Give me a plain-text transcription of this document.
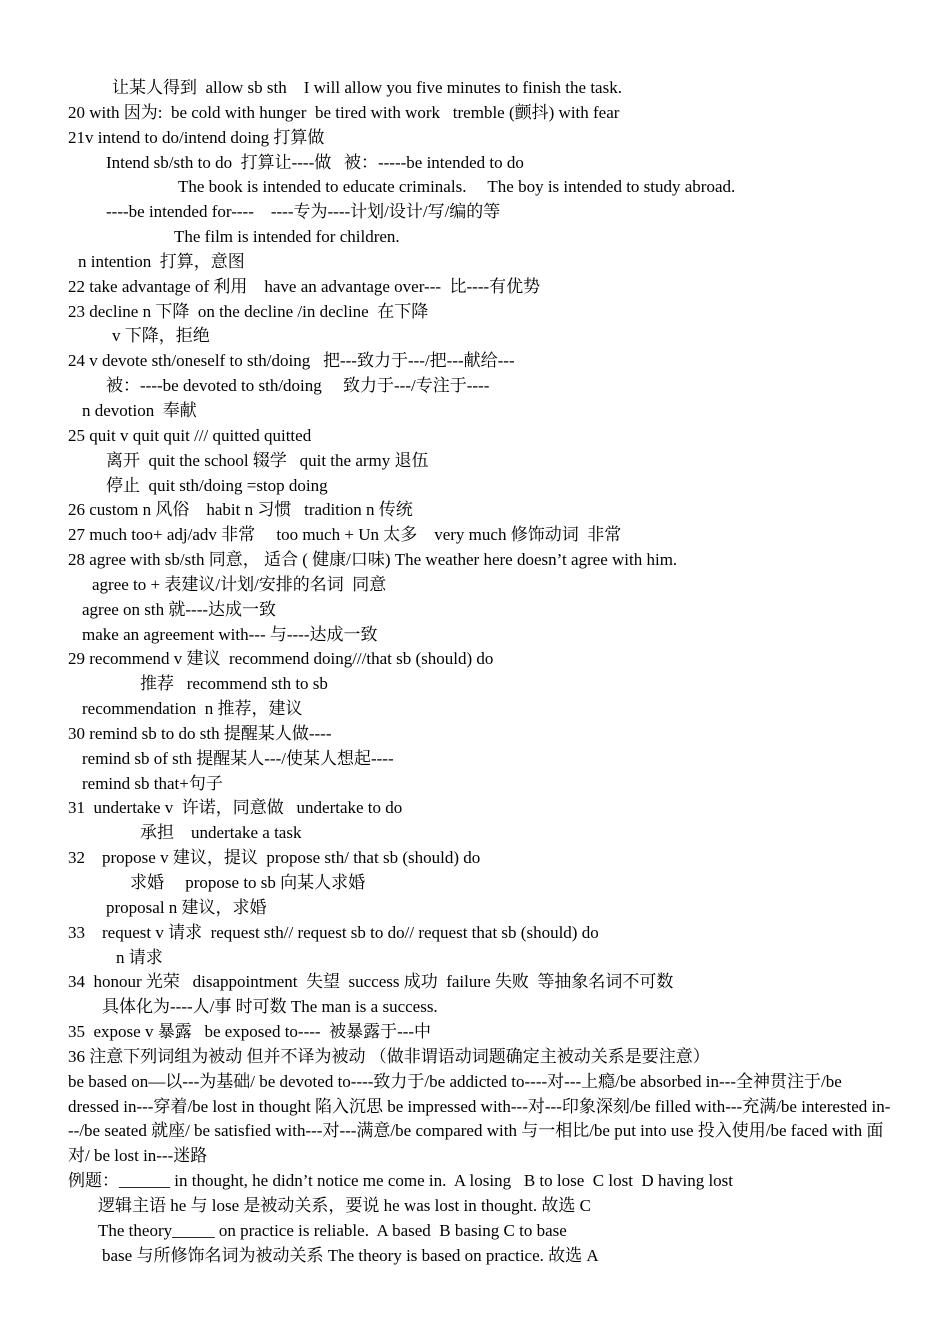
让某人得到  allow sb sth    I will allow you five minutes to finish the task.
20 with 因为:  be cold with hunger  be tired with work   tremble (颤抖) with fear
21v intend to do/intend doing 打算做
Intend sb/sth to do  打算让----做   被：-----be intended to do
The book is intended to educate criminals.     The boy is intended to study abroad.
----be intended for----    ----专为----计划/设计/写/编的等
The film is intended for children.
n intention  打算，意图
22 take advantage of 利用    have an advantage over---  比----有优势
23 decline n 下降  on the decline /in decline  在下降
v 下降，拒绝
24 v devote sth/oneself to sth/doing   把---致力于---/把---献给---
被：----be devoted to sth/doing     致力于---/专注于----
n devotion  奉献
25 quit v quit quit /// quitted quitted
离开  quit the school 辍学   quit the army 退伍
停止  quit sth/doing =stop doing
26 custom n 风俗    habit n 习惯   tradition n 传统
27 much too+ adj/adv 非常     too much + Un 太多    very much 修饰动词  非常
28 agree with sb/sth 同意， 适合 ( 健康/口味) The weather here doesn’t agree with him.
agree to + 表建议/计划/安排的名词  同意
agree on sth 就----达成一致
make an agreement with--- 与----达成一致
29 recommend v 建议  recommend doing///that sb (should) do
推荐   recommend sth to sb
recommendation  n 推荐，建议
30 remind sb to do sth 提醒某人做----
remind sb of sth 提醒某人---/使某人想起----
remind sb that+句子
31  undertake v  许诺，同意做   undertake to do
承担    undertake a task
32    propose v 建议，提议  propose sth/ that sb (should) do
求婚     propose to sb 向某人求婚
proposal n 建议，求婚
33    request v 请求  request sth// request sb to do// request that sb (should) do
n 请求
34  honour 光荣   disappointment  失望  success 成功  failure 失败  等抽象名词不可数
具体化为----人/事 时可数 The man is a success.
35  expose v 暴露   be exposed to----  被暴露于---中
36 注意下列词组为被动 但并不译为被动 （做非谓语动词题确定主被动关系是要注意）
be based on—以---为基础/ be devoted to----致力于/be addicted to----对---上瘾/be absorbed in---全神贯注于/be dressed in---穿着/be lost in thought 陷入沉思 be impressed with---对---印象深刻/be filled with---充满/be interested in---/be seated 就座/ be satisfied with---对---满意/be compared with 与一相比/be put into use 投入使用/be faced with 面对/ be lost in---迷路
例题：______ in thought, he didn’t notice me come in.  A losing   B to lose  C lost  D having lost
逻辑主语 he 与 lose 是被动关系，要说 he was lost in thought. 故选 C
The theory_____ on practice is reliable.  A based  B basing C to base
base 与所修饰名词为被动关系 The theory is based on practice. 故选 A
